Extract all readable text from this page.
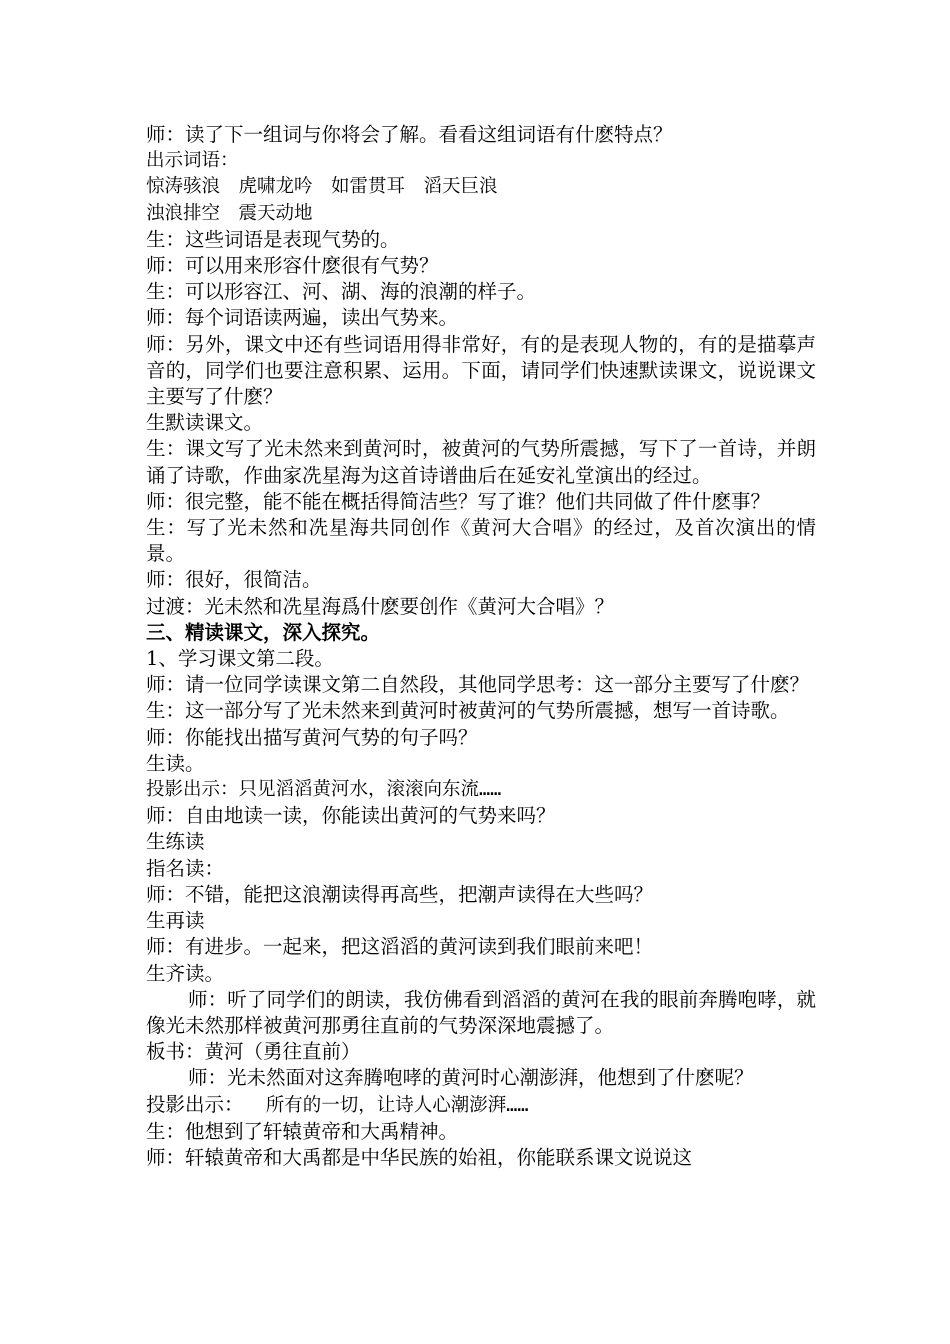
师：读了下一组词与你将会了解。看看这组词语有什麽特点？

出示词语：

惊涛骇浪　虎啸龙吟　如雷贯耳　滔天巨浪

浊浪排空　震天动地

生：这些词语是表现气势的。

师：可以用来形容什麽很有气势？

生：可以形容江、河、湖、海的浪潮的样子。

师：每个词语读两遍，读出气势来。

师：另外，课文中还有些词语用得非常好，有的是表现人物的，有的是描摹声音的，同学们也要注意积累、运用。下面，请同学们快速默读课文，说说课文主要写了什麽？

生默读课文。

生：课文写了光未然来到黄河时，被黄河的气势所震撼，写下了一首诗，并朗诵了诗歌，作曲家冼星海为这首诗谱曲后在延安礼堂演出的经过。

师：很完整，能不能在概括得简洁些？写了谁？他们共同做了件什麽事？

生：写了光未然和冼星海共同创作《黄河大合唱》的经过，及首次演出的情景。

师：很好，很简洁。

过渡：光未然和冼星海爲什麽要创作《黄河大合唱》？

三、精读课文，深入探究。

1、学习课文第二段。

师：请一位同学读课文第二自然段，其他同学思考：这一部分主要写了什麽？

生：这一部分写了光未然来到黄河时被黄河的气势所震撼，想写一首诗歌。

师：你能找出描写黄河气势的句子吗？

生读。

投影出示：只见滔滔黄河水，滚滚向东流……

师：自由地读一读，你能读出黄河的气势来吗？

生练读

指名读：

师：不错，能把这浪潮读得再高些，把潮声读得在大些吗？

生再读

师：有进步。一起来，把这滔滔的黄河读到我们眼前来吧！

生齐读。

师：听了同学们的朗读，我仿佛看到滔滔的黄河在我的眼前奔腾咆哮，就像光未然那样被黄河那勇往直前的气势深深地震撼了。

板书：黄河（勇往直前）

师：光未然面对这奔腾咆哮的黄河时心潮澎湃，他想到了什麽呢？

投影出示： 所有的一切，让诗人心潮澎湃……

生：他想到了轩辕黄帝和大禹精神。

师：轩辕黄帝和大禹都是中华民族的始祖，你能联系课文说说这
